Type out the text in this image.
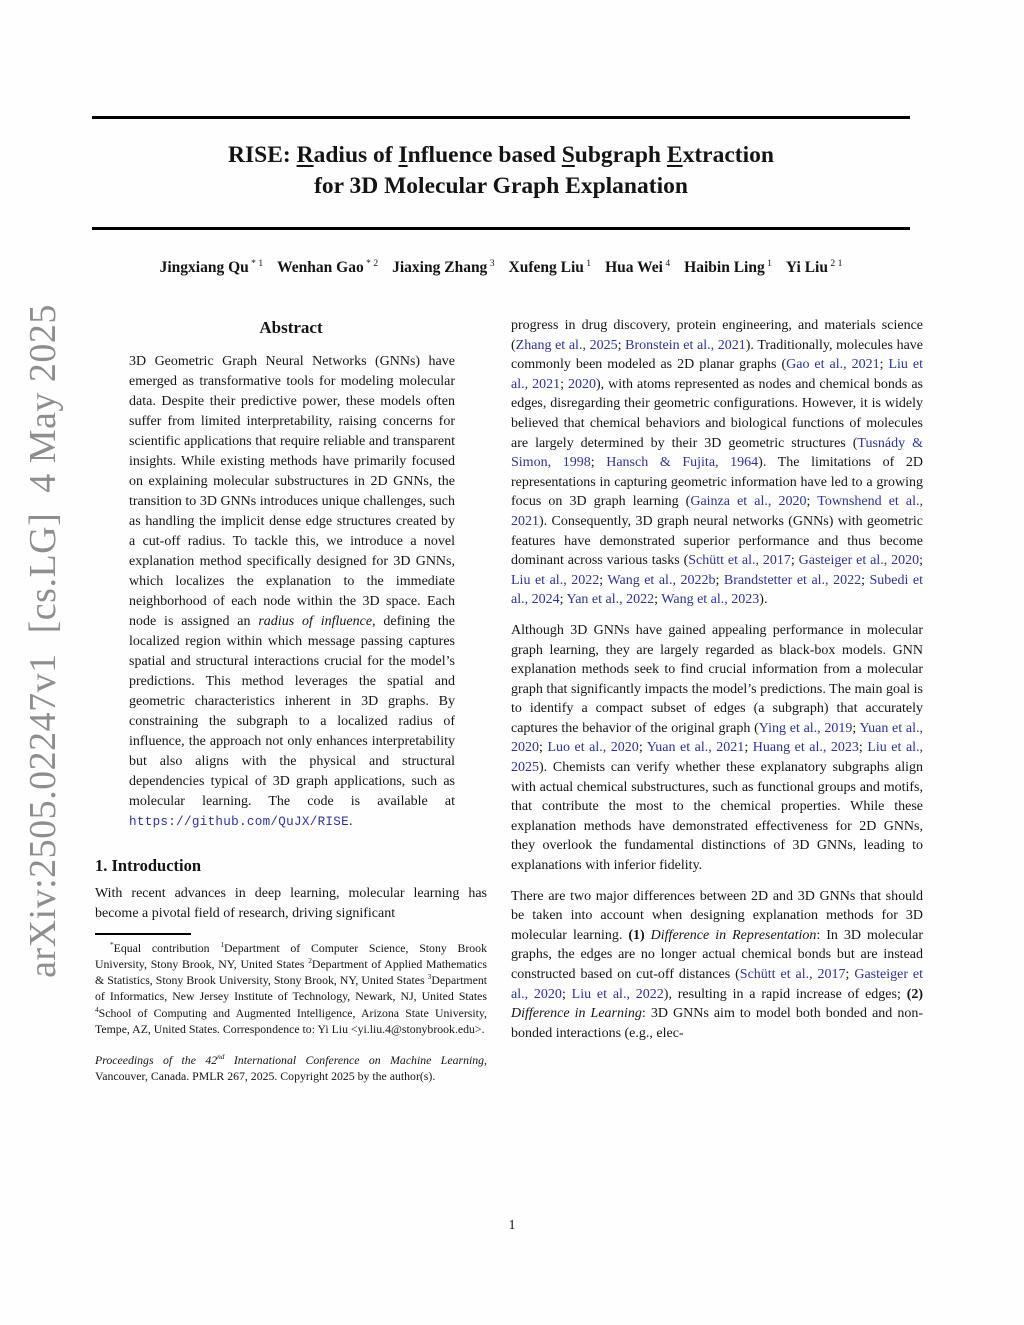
arXiv:2505.02247v1  [cs.LG]  4 May 2025
RISE: Radius of Influence based Subgraph Extraction
for 3D Molecular Graph Explanation
Jingxiang Qu $^{* 1}$ Wenhan Gao $^{* 2}$ Jiaxing Zhang $^3$ Xufeng Liu $^1$ Hua Wei $^4$ Haibin Ling $^1$ Yi Liu $^{2 1}$
Abstract

3D Geometric Graph Neural Networks (GNNs) have emerged as transformative tools for modeling molecular data. Despite their predictive power, these models often suffer from limited interpretability, raising concerns for scientific applications that require reliable and transparent insights. While existing methods have primarily focused on explaining molecular substructures in 2D GNNs, the transition to 3D GNNs introduces unique challenges, such as handling the implicit dense edge structures created by a cut-off radius. To tackle this, we introduce a novel explanation method specifically designed for 3D GNNs, which localizes the explanation to the immediate neighborhood of each node within the 3D space. Each node is assigned an radius of influence, defining the localized region within which message passing captures spatial and structural interactions crucial for the model’s predictions. This method leverages the spatial and geometric characteristics inherent in 3D graphs. By constraining the subgraph to a localized radius of influence, the approach not only enhances interpretability but also aligns with the physical and structural dependencies typical of 3D graph applications, such as molecular learning. The code is available at https://github.com/QuJX/RISE.

1. Introduction

With recent advances in deep learning, molecular learning has become a pivotal field of research, driving significant

*Equal contribution $^1$Department of Computer Science, Stony Brook University, Stony Brook, NY, United States $^2$Department of Applied Mathematics & Statistics, Stony Brook University, Stony Brook, NY, United States $^3$Department of Informatics, New Jersey Institute of Technology, Newark, NJ, United States $^4$School of Computing and Augmented Intelligence, Arizona State University, Tempe, AZ, United States. Correspondence to: Yi Liu <yi.liu.4@stonybrook.edu>.

Proceedings of the 42nd International Conference on Machine Learning, Vancouver, Canada. PMLR 267, 2025. Copyright 2025 by the author(s).

progress in drug discovery, protein engineering, and materials science (Zhang et al., 2025; Bronstein et al., 2021). Traditionally, molecules have commonly been modeled as 2D planar graphs (Gao et al., 2021; Liu et al., 2021; 2020), with atoms represented as nodes and chemical bonds as edges, disregarding their geometric configurations. However, it is widely believed that chemical behaviors and biological functions of molecules are largely determined by their 3D geometric structures (Tusnády & Simon, 1998; Hansch & Fujita, 1964). The limitations of 2D representations in capturing geometric information have led to a growing focus on 3D graph learning (Gainza et al., 2020; Townshend et al., 2021). Consequently, 3D graph neural networks (GNNs) with geometric features have demonstrated superior performance and thus become dominant across various tasks (Schütt et al., 2017; Gasteiger et al., 2020; Liu et al., 2022; Wang et al., 2022b; Brandstetter et al., 2022; Subedi et al., 2024; Yan et al., 2022; Wang et al., 2023).

Although 3D GNNs have gained appealing performance in molecular graph learning, they are largely regarded as black-box models. GNN explanation methods seek to find crucial information from a molecular graph that significantly impacts the model’s predictions. The main goal is to identify a compact subset of edges (a subgraph) that accurately captures the behavior of the original graph (Ying et al., 2019; Yuan et al., 2020; Luo et al., 2020; Yuan et al., 2021; Huang et al., 2023; Liu et al., 2025). Chemists can verify whether these explanatory subgraphs align with actual chemical substructures, such as functional groups and motifs, that contribute the most to the chemical properties. While these explanation methods have demonstrated effectiveness for 2D GNNs, they overlook the fundamental distinctions of 3D GNNs, leading to explanations with inferior fidelity.

There are two major differences between 2D and 3D GNNs that should be taken into account when designing explanation methods for 3D molecular learning. (1) Difference in Representation: In 3D molecular graphs, the edges are no longer actual chemical bonds but are instead constructed based on cut-off distances (Schütt et al., 2017; Gasteiger et al., 2020; Liu et al., 2022), resulting in a rapid increase of edges; (2) Difference in Learning: 3D GNNs aim to model both bonded and non-bonded interactions (e.g., elec-

1
